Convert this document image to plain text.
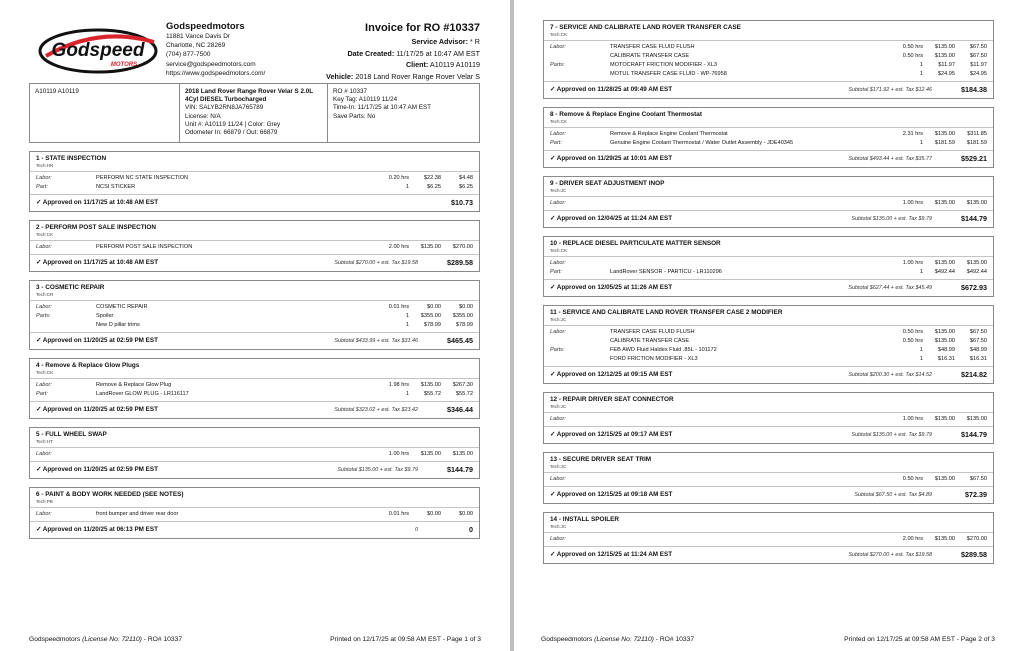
Godspeed
MOTORS
Godspeedmotors
11881 Vance Davis Dr
Charlotte, NC 28269
(704) 877-7500
service@godspeedmotors.com
https://www.godspeedmotors.com/
Invoice for RO #10337
Service Advisor: * R
Date Created: 11/17/25 at 10:47 AM EST
Client: A10119 A10119
Vehicle: 2018 Land Rover Range Rover Velar S
A10119 A10119	2018 Land Rover Range Rover Velar S 2.0L
4Cyl DIESEL Turbocharged
VIN: SALYB2RN8JA765789
License: N/A
Unit #: A10119 11/24 | Color: Grey
Odometer In: 66879 / Out: 66879
RO # 10337
Key Tag: A10119 11/24
Time-In: 11/17/25 at 10:47 AM EST
Save Parts: No
1 - STATE INSPECTION
Tech:HN
Labor:	PERFORM NC STATE INSPECTION	0.20 hrs	$22.38	$4.48
Part:	NCSI STICKER	1	$6.25	$6.25
✓ Approved on 11/17/25 at 10:48 AM EST	$10.73
2 - PERFORM POST SALE INSPECTION
Tech:CK
Labor:	PERFORM POST SALE INSPECTION	2.00 hrs	$135.00	$270.00
✓ Approved on 11/17/25 at 10:48 AM EST	Subtotal $270.00 + est. Tax $19.58	$289.58
3 - COSMETIC REPAIR
Tech:CR
Labor:	COSMETIC REPAIR	0.01 hrs	$0.00	$0.00
Parts:	Spoiler	1	$355.00	$355.00
New D pillar trims	1	$78.99	$78.99
✓ Approved on 11/20/25 at 02:59 PM EST	Subtotal $433.99 + est. Tax $31.46	$465.45
4 - Remove & Replace Glow Plugs
Tech:CK
Labor:	Remove & Replace Glow Plug	1.98 hrs	$135.00	$267.30
Part:	LandRover GLOW PLUG - LR116117	1	$55.72	$55.72
✓ Approved on 11/20/25 at 02:59 PM EST	Subtotal $323.02 + est. Tax $23.42	$346.44
5 - FULL WHEEL SWAP
Tech:HT
Labor:	1.00 hrs	$135.00	$135.00
✓ Approved on 11/20/25 at 02:59 PM EST	Subtotal $135.00 + est. Tax $9.79	$144.79
6 - PAINT & BODY WORK NEEDED (SEE NOTES)
Tech:PB
Labor:	front bumper and driver rear door	0.01 hrs	$0.00	$0.00
✓ Approved on 11/20/25 at 06:13 PM EST	0	0
Godspeedmotors (License No: 72110) - RO# 10337	Printed on 12/17/25 at 09:58 AM EST - Page 1 of 3
7 - SERVICE AND CALIBRATE LAND ROVER TRANSFER CASE
Tech:CK
Labor:	TRANSFER CASE FLUID FLUSH	0.50 hrs	$135.00	$67.50
CALIBRATE TRANSFER CASE	0.50 hrs	$135.00	$67.50
Parts:	MOTOCRAFT FRICTION MODIFIER - XL3	1	$11.97	$11.97
MOTUL TRANSFER CASE FLUID - WP-76958	1	$24.95	$24.95
✓ Approved on 11/28/25 at 09:49 AM EST	Subtotal $171.92 + est. Tax $12.46	$184.38
8 - Remove & Replace Engine Coolant Thermostat
Tech:CK
Labor:	Remove & Replace Engine Coolant Thermostat	2.31 hrs	$135.00	$311.85
Part:	Genuine Engine Coolant Thermostat / Water Outlet Assembly - JDE40345	1	$181.59	$181.59
✓ Approved on 11/29/25 at 10:01 AM EST	Subtotal $493.44 + est. Tax $35.77	$529.21
9 - DRIVER SEAT ADJUSTMENT INOP
Tech:JC
Labor:	1.00 hrs	$135.00	$135.00
✓ Approved on 12/04/25 at 11:24 AM EST	Subtotal $135.00 + est. Tax $9.79	$144.79
10 - REPLACE DIESEL PARTICULATE MATTER SENSOR
Tech:CK
Labor:	1.00 hrs	$135.00	$135.00
Part:	LandRover SENSOR - PARTICU - LR110296	1	$492.44	$492.44
✓ Approved on 12/05/25 at 11:26 AM EST	Subtotal $627.44 + est. Tax $45.49	$672.93
11 - SERVICE AND CALIBRATE LAND ROVER TRANSFER CASE 2 MODIFIER
Tech:JC
Labor:	TRANSFER CASE FLUID FLUSH	0.50 hrs	$135.00	$67.50
CALIBRATE TRANSFER CASE	0.50 hrs	$135.00	$67.50
Parts:	FEB AWD Fluid Haldex Fluid .85L - 101172	1	$48.99	$48.99
FORD FRICTION MODIFIER - XL3	1	$16.31	$16.31
✓ Approved on 12/12/25 at 09:15 AM EST	Subtotal $200.30 + est. Tax $14.52	$214.82
12 - REPAIR DRIVER SEAT CONNECTOR
Tech:JC
Labor:	1.00 hrs	$135.00	$135.00
✓ Approved on 12/15/25 at 09:17 AM EST	Subtotal $135.00 + est. Tax $9.79	$144.79
13 - SECURE DRIVER SEAT TRIM
Tech:JC
Labor:	0.50 hrs	$135.00	$67.50
✓ Approved on 12/15/25 at 09:18 AM EST	Subtotal $67.50 + est. Tax $4.89	$72.39
14 - INSTALL SPOILER
Tech:JC
Labor:	2.00 hrs	$135.00	$270.00
✓ Approved on 12/15/25 at 11:24 AM EST	Subtotal $270.00 + est. Tax $19.58	$289.58
Godspeedmotors (License No: 72110) - RO# 10337	Printed on 12/17/25 at 09:58 AM EST - Page 2 of 3
